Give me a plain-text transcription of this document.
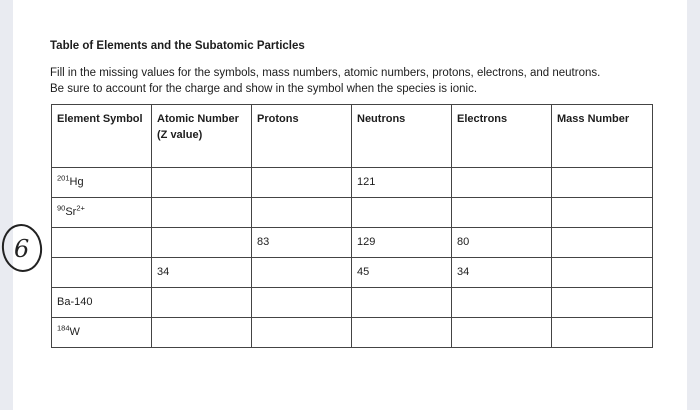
Table of Elements and the Subatomic Particles
Fill in the missing values for the symbols, mass numbers, atomic numbers, protons, electrons, and neutrons.
Be sure to account for the charge and show in the symbol when the species is ionic.
Element Symbol	Atomic Number (Z value)	Protons	Neutrons	Electrons	Mass Number
$^{201}$Hg			121		
$^{90}Sr^{2+}$					
		83	129	80	
	34		45	34	
Ba-140					
$^{184}$W					
6
